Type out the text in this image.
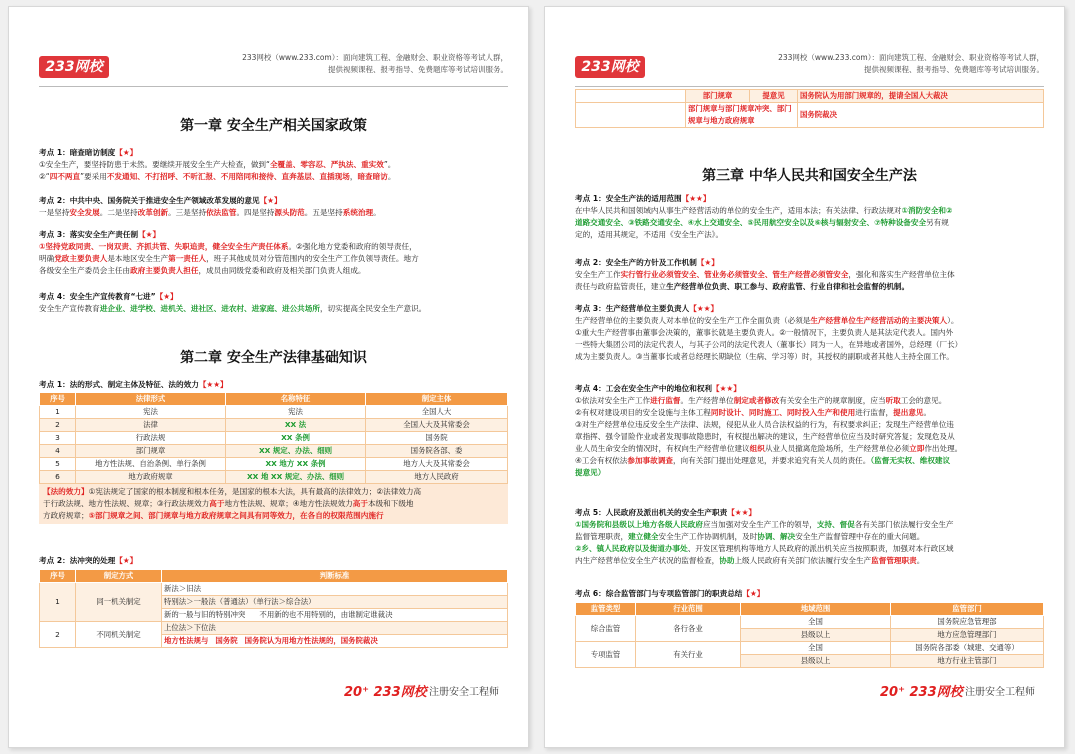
233网校
233网校（www.233.com）：面向建筑工程、金融财会、职业资格等考试人群，
提供视频课程、报考指导、免费题库等考试培训服务。
第一章 安全生产相关国家政策
考点 1：暗查暗访制度【★】
①安全生产，要坚持防患于未然。要继续开展安全生产大检查，做到“全覆盖、零容忍、严执法、重实效”。
②“四不两直”要采用不发通知、不打招呼、不听汇报、不用陪同和接待、直奔基层、直插现场，暗查暗访。
考点 2：中共中央、国务院关于推进安全生产领域改革发展的意见【★】
一是坚持安全发展。二是坚持改革创新。三是坚持依法监管。四是坚持源头防范。五是坚持系统治理。
考点 3：落实安全生产责任制【★】
①坚持党政同责、一岗双责、齐抓共管、失职追责，健全安全生产责任体系。②强化地方党委和政府的领导责任，
明确党政主要负责人是本地区安全生产第一责任人，班子其他成员对分管范围内的安全生产工作负领导责任。地方
各级安全生产委员会主任由政府主要负责人担任，成员由同级党委和政府及相关部门负责人组成。
考点 4：安全生产宣传教育“七进”【★】
安全生产宣传教育进企业、进学校、进机关、进社区、进农村、进家庭、进公共场所，切实提高全民安全生产意识。
第二章 安全生产法律基础知识
考点 1：法的形式、制定主体及特征、法的效力【★★】
序号	法律形式	名称特征	制定主体
1	宪法	宪法	全国人大
2	法律	XX 法	全国人大及其常委会
3	行政法规	XX 条例	国务院
4	部门规章	XX 规定、办法、细则	国务院各部、委
5	地方性法规、自治条例、单行条例	XX 地方 XX 条例	地方人大及其常委会
6	地方政府规章	XX 地 XX 规定、办法、细则	地方人民政府
【法的效力】①宪法规定了国家的根本制度和根本任务，是国家的根本大法，具有最高的法律效力；②法律效力高
于行政法规、地方性法规、规章；③行政法规效力高于地方性法规、规章；④地方性法规效力高于本级和下级地
方政府规章；⑤部门规章之间、部门规章与地方政府规章之间具有同等效力，在各自的权限范围内施行
考点 2：法冲突的处理【★】
序号	制定方式	判断标准
1	同一机关制定	新法＞旧法
		特别法＞一般法（普通法）（单行法＞综合法）
		新的一般与旧的特别冲突 不用新的也不用特别的，由谁制定谁裁决
2	不同机关制定	上位法＞下位法
		地方性法规与 国务院 国务院认为用地方性法规的，国务院裁决
20⁺ 233网校 注册安全工程师
233网校
233网校（www.233.com）：面向建筑工程、金融财会、职业资格等考试人群，
提供视频课程、报考指导、免费题库等考试培训服务。
	部门规章	提意见	国务院认为用部门规章的，提请全国人大裁决
	部门规章与部门规章冲突、部门规章与地方政府规章		国务院裁决
第三章 中华人民共和国安全生产法
考点 1：安全生产法的适用范围【★★】
在中华人民共和国领域内从事生产经营活动的单位的安全生产，适用本法；有关法律、行政法规对①消防安全和②
道路交通安全、③铁路交通安全、④水上交通安全、⑤民用航空安全以及⑥核与辐射安全、⑦特种设备安全另有规
定的，适用其规定，不适用《安全生产法》。
考点 2：安全生产的方针及工作机制【★】
安全生产工作实行管行业必须管安全、管业务必须管安全、管生产经营必须管安全，强化和落实生产经营单位主体
责任与政府监管责任，建立生产经营单位负责、职工参与、政府监管、行业自律和社会监督的机制。
考点 3：生产经营单位主要负责人【★★】
生产经营单位的主要负责人对本单位的安全生产工作全面负责（必须是生产经营单位生产经营活动的主要决策人）。
①重大生产经营事由董事会决策的，董事长就是主要负责人。②一般情况下，主要负责人是其法定代表人。国内外
一些特大集团公司的法定代表人，与其子公司的法定代表人（董事长）同为一人，在异地或者国外，总经理（厂长）
成为主要负责人。③当董事长或者总经理长期缺位（生病、学习等）时，其授权的副职或者其他人主持全面工作。
考点 4：工会在安全生产中的地位和权利【★★】
①依法对安全生产工作进行监督。生产经营单位制定或者修改有关安全生产的规章制度，应当听取工会的意见。
②有权对建设项目的安全设施与主体工程同时设计、同时施工、同时投入生产和使用进行监督，提出意见。
③对生产经营单位违反安全生产法律、法规，侵犯从业人员合法权益的行为，有权要求纠正；发现生产经营单位违
章指挥、强令冒险作业或者发现事故隐患时，有权提出解决的建议，生产经营单位应当及时研究答复；发现危及从
业人员生命安全的情况时，有权向生产经营单位建议组织从业人员撤离危险场所，生产经营单位必须立即作出处理。
④工会有权依法参加事故调查，向有关部门提出处理意见，并要求追究有关人员的责任。（监督无实权、维权建议
提意见）
考点 5：人民政府及派出机关的安全生产职责【★★】
①国务院和县级以上地方各级人民政府应当加强对安全生产工作的领导，支持、督促各有关部门依法履行安全生产
监督管理职责，建立健全安全生产工作协调机制，及时协调、解决安全生产监督管理中存在的重大问题。
②乡、镇人民政府以及街道办事处、开发区管理机构等地方人民政府的派出机关应当按照职责，加强对本行政区域
内生产经营单位安全生产状况的监督检查，协助上级人民政府有关部门依法履行安全生产监督管理职责。
考点 6：综合监管部门与专项监管部门的职责总结【★】
监管类型	行业范围	地域范围	监管部门
综合监管	各行各业	全国	国务院应急管理部
		县级以上	地方应急管理部门
专项监管	有关行业	全国	国务院各部委（城建、交通等）
		县级以上	地方行业主管部门
20⁺ 233网校 注册安全工程师
